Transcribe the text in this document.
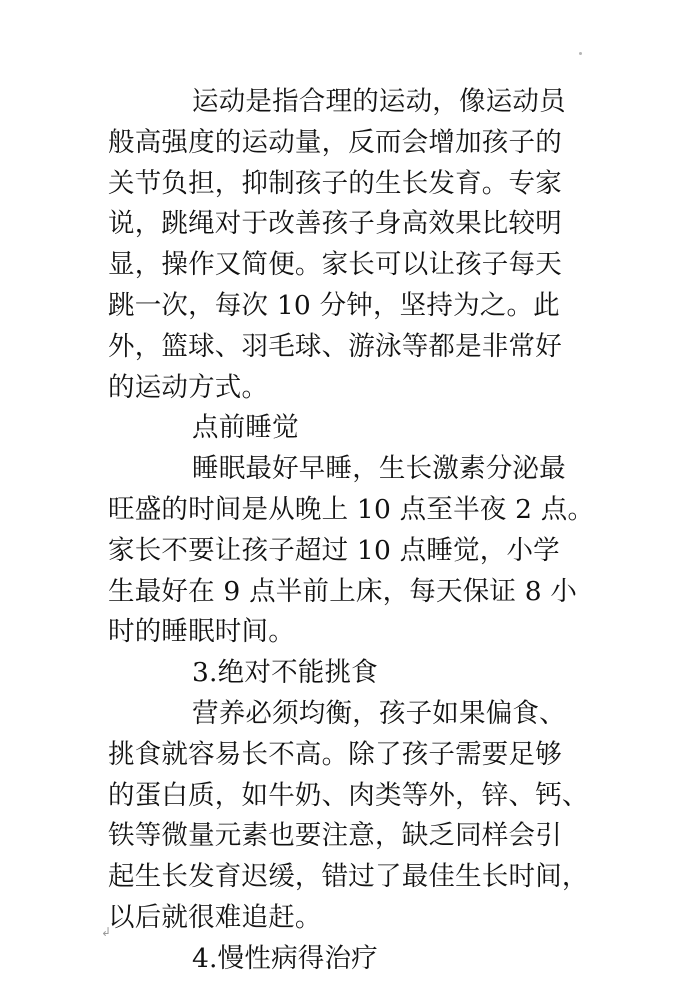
运动是指合理的运动，像运动员
般高强度的运动量，反而会增加孩子的
关节负担，抑制孩子的生长发育。专家
说，跳绳对于改善孩子身高效果比较明
显，操作又简便。家长可以让孩子每天
跳一次，每次 10 分钟，坚持为之。此
外，篮球、羽毛球、游泳等都是非常好
的运动方式。
点前睡觉
睡眠最好早睡，生长激素分泌最
旺盛的时间是从晚上 10 点至半夜 2 点。
家长不要让孩子超过 10 点睡觉，小学
生最好在 9 点半前上床，每天保证 8 小
时的睡眠时间。
3.绝对不能挑食
营养必须均衡，孩子如果偏食、
挑食就容易长不高。除了孩子需要足够
的蛋白质，如牛奶、肉类等外，锌、钙、
铁等微量元素也要注意，缺乏同样会引
起生长发育迟缓，错过了最佳生长时间，
以后就很难追赶。
4.慢性病得治疗
↲
